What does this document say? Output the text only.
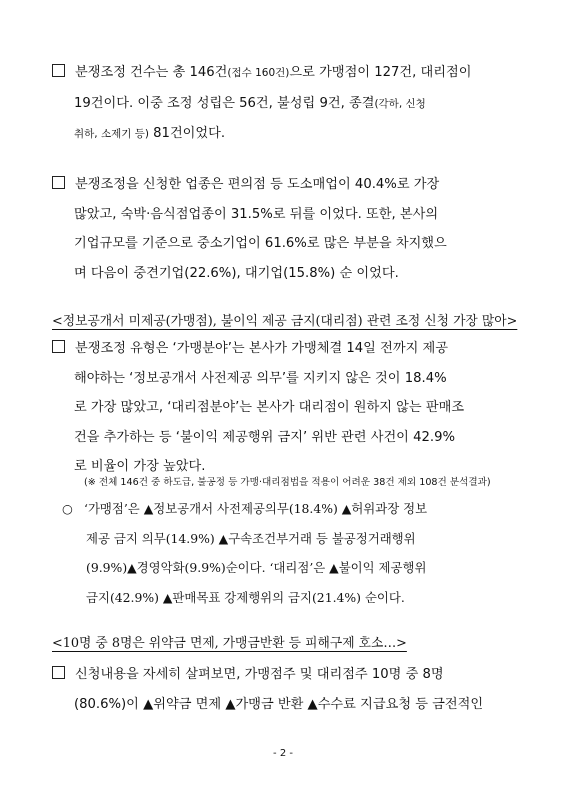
분쟁조정 건수는 총 146건(접수 160건)으로 가맹점이 127건, 대리점이
19건이다. 이중 조정 성립은 56건, 불성립 9건, 종결(각하, 신청
취하, 소제기 등) 81건이었다.
분쟁조정을 신청한 업종은 편의점 등 도소매업이 40.4%로 가장
많았고, 숙박·음식점업종이 31.5%로 뒤를 이었다. 또한, 본사의
기업규모를 기준으로 중소기업이 61.6%로 많은 부분을 차지했으
며 다음이 중견기업(22.6%), 대기업(15.8%) 순 이었다.
<정보공개서 미제공(가맹점), 불이익 제공 금지(대리점) 관련 조정 신청 가장 많아>
분쟁조정 유형은 ‘가맹분야’는 본사가 가맹체결 14일 전까지 제공
해야하는 ‘정보공개서 사전제공 의무’를 지키지 않은 것이 18.4%
로 가장 많았고, ‘대리점분야’는 본사가 대리점이 원하지 않는 판매조
건을 추가하는 등 ‘불이익 제공행위 금지’ 위반 관련 사건이 42.9%
로 비율이 가장 높았다.
(※ 전체 146건 중 하도급, 불공정 등 가맹·대리점법을 적용이 어려운 38건 제외 108건 분석결과)
○ ‘가맹점’은 ▲정보공개서 사전제공의무(18.4%) ▲허위과장 정보
제공 금지 의무(14.9%) ▲구속조건부거래 등 불공정거래행위
(9.9%)▲경영악화(9.9%)순이다. ‘대리점’은 ▲불이익 제공행위
금지(42.9%) ▲판매목표 강제행위의 금지(21.4%) 순이다.
<10명 중 8명은 위약금 면제, 가맹금반환 등 피해구제 호소…>
신청내용을 자세히 살펴보면, 가맹점주 및 대리점주 10명 중 8명
(80.6%)이 ▲위약금 면제 ▲가맹금 반환 ▲수수료 지급요청 등 금전적인
- 2 -
